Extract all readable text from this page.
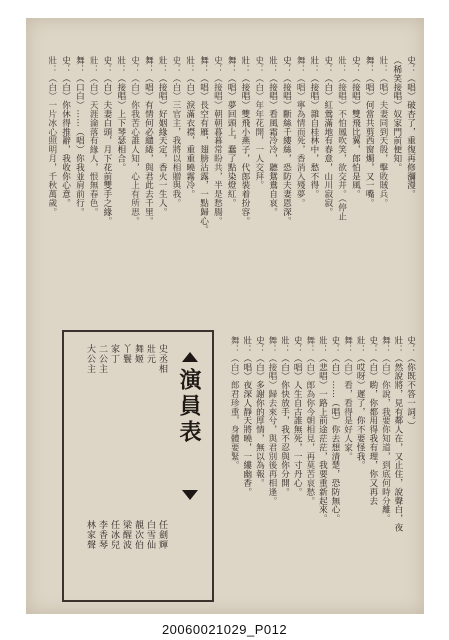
演員表
史丞相
壯元
舞姬
丫鬟
家丁
二公主
大公主
任劍輝
白雪仙
靚次伯
梁醒波
任冰兒
李香琴
林家聲
史：（唱）破杏了，重復再修瀰漫。
（稀笑接唱）奴家門前便知。
壯：（唱）夫妻同到天殷，擊敗賊兵。
舞：（唱）何當共剪西窗燭，又一嘴。
史：（接唱）雙飛比翼，郎怕是風。
壯：（接唱）不怕鳳吹笑，欲交并。（停止
史：（白）紅鶯滿地有春意，山川寂寂。
壯：（接唱）雜自桂林中，愁不得。
舞：（唱）寧為情而死，香消入殘夢。
史：（接唱）斷絲千縷絲，恐防夫妻恩深。
壯：（接唱）看風霜冷冷，聽鴛鴦自哀。
史：（白）年年花開，一人交拜。
壯：（接唱）雙飛小燕子，代郎裝着扮容。
舞：（唱）夢回頭上，蠢了點染燈紅。
史：（接唱）朝朝暮暮常盼共，半是愁腸。
舞：（唱）長空有雁，翅膀沾露，一點歸心。
壯：（白）淚滿衣襟，重重曉霧冷。
史：（白）三官主，我將以相贈與我。
壯：（接唱）好姻緣天定，香火一生人。
舞：（唱）有情何必繾綣，與君此去千里。
史：（白）你我苦心誰人知，心上有所思。
壯：（接唱）上下琴瑟相合。
史：（白）夫妻白頭，月下花前雙手之緣。
壯：（白）天涯淪落有緣人，恨無春色。
舞：（口白）……（唱）你我並肩前行。
史：（白）你休得推辭，我收你心意。
壯：（白）一片冰心照明月，千秋萬歲。
史：（你既不答一詞。）
壯：（然說將，見有鄰人在，又止住，說聲白，夜
舞：（白）你說，我要你知道，到底何時分離。
史：（白）喲，你都用得我有理，你又再去
壯：（哎呀）遲了，你不要怪我。
舞：（白）看，看得是好人家。
史：（白）……（唱）你去想清楚，恐防無心。
壯：（悲唱）一路上前途茫茫，我要重新起來。
舞：（白）郎為你今朝相見，再莫苦哀愁。
史：（唱）人生自古誰無死，一寸丹心。
壯：（白）你快放手，我不忍與你分開。
舞：（接唱）歸去來兮，與君別後再相逢。
史：（白）多謝你的厚情，無以為報。
壯：（唱）夜深人靜天將曉，一縷幽香。
舞：（白）郎君珍重，身體要緊。
20060021029_P012
